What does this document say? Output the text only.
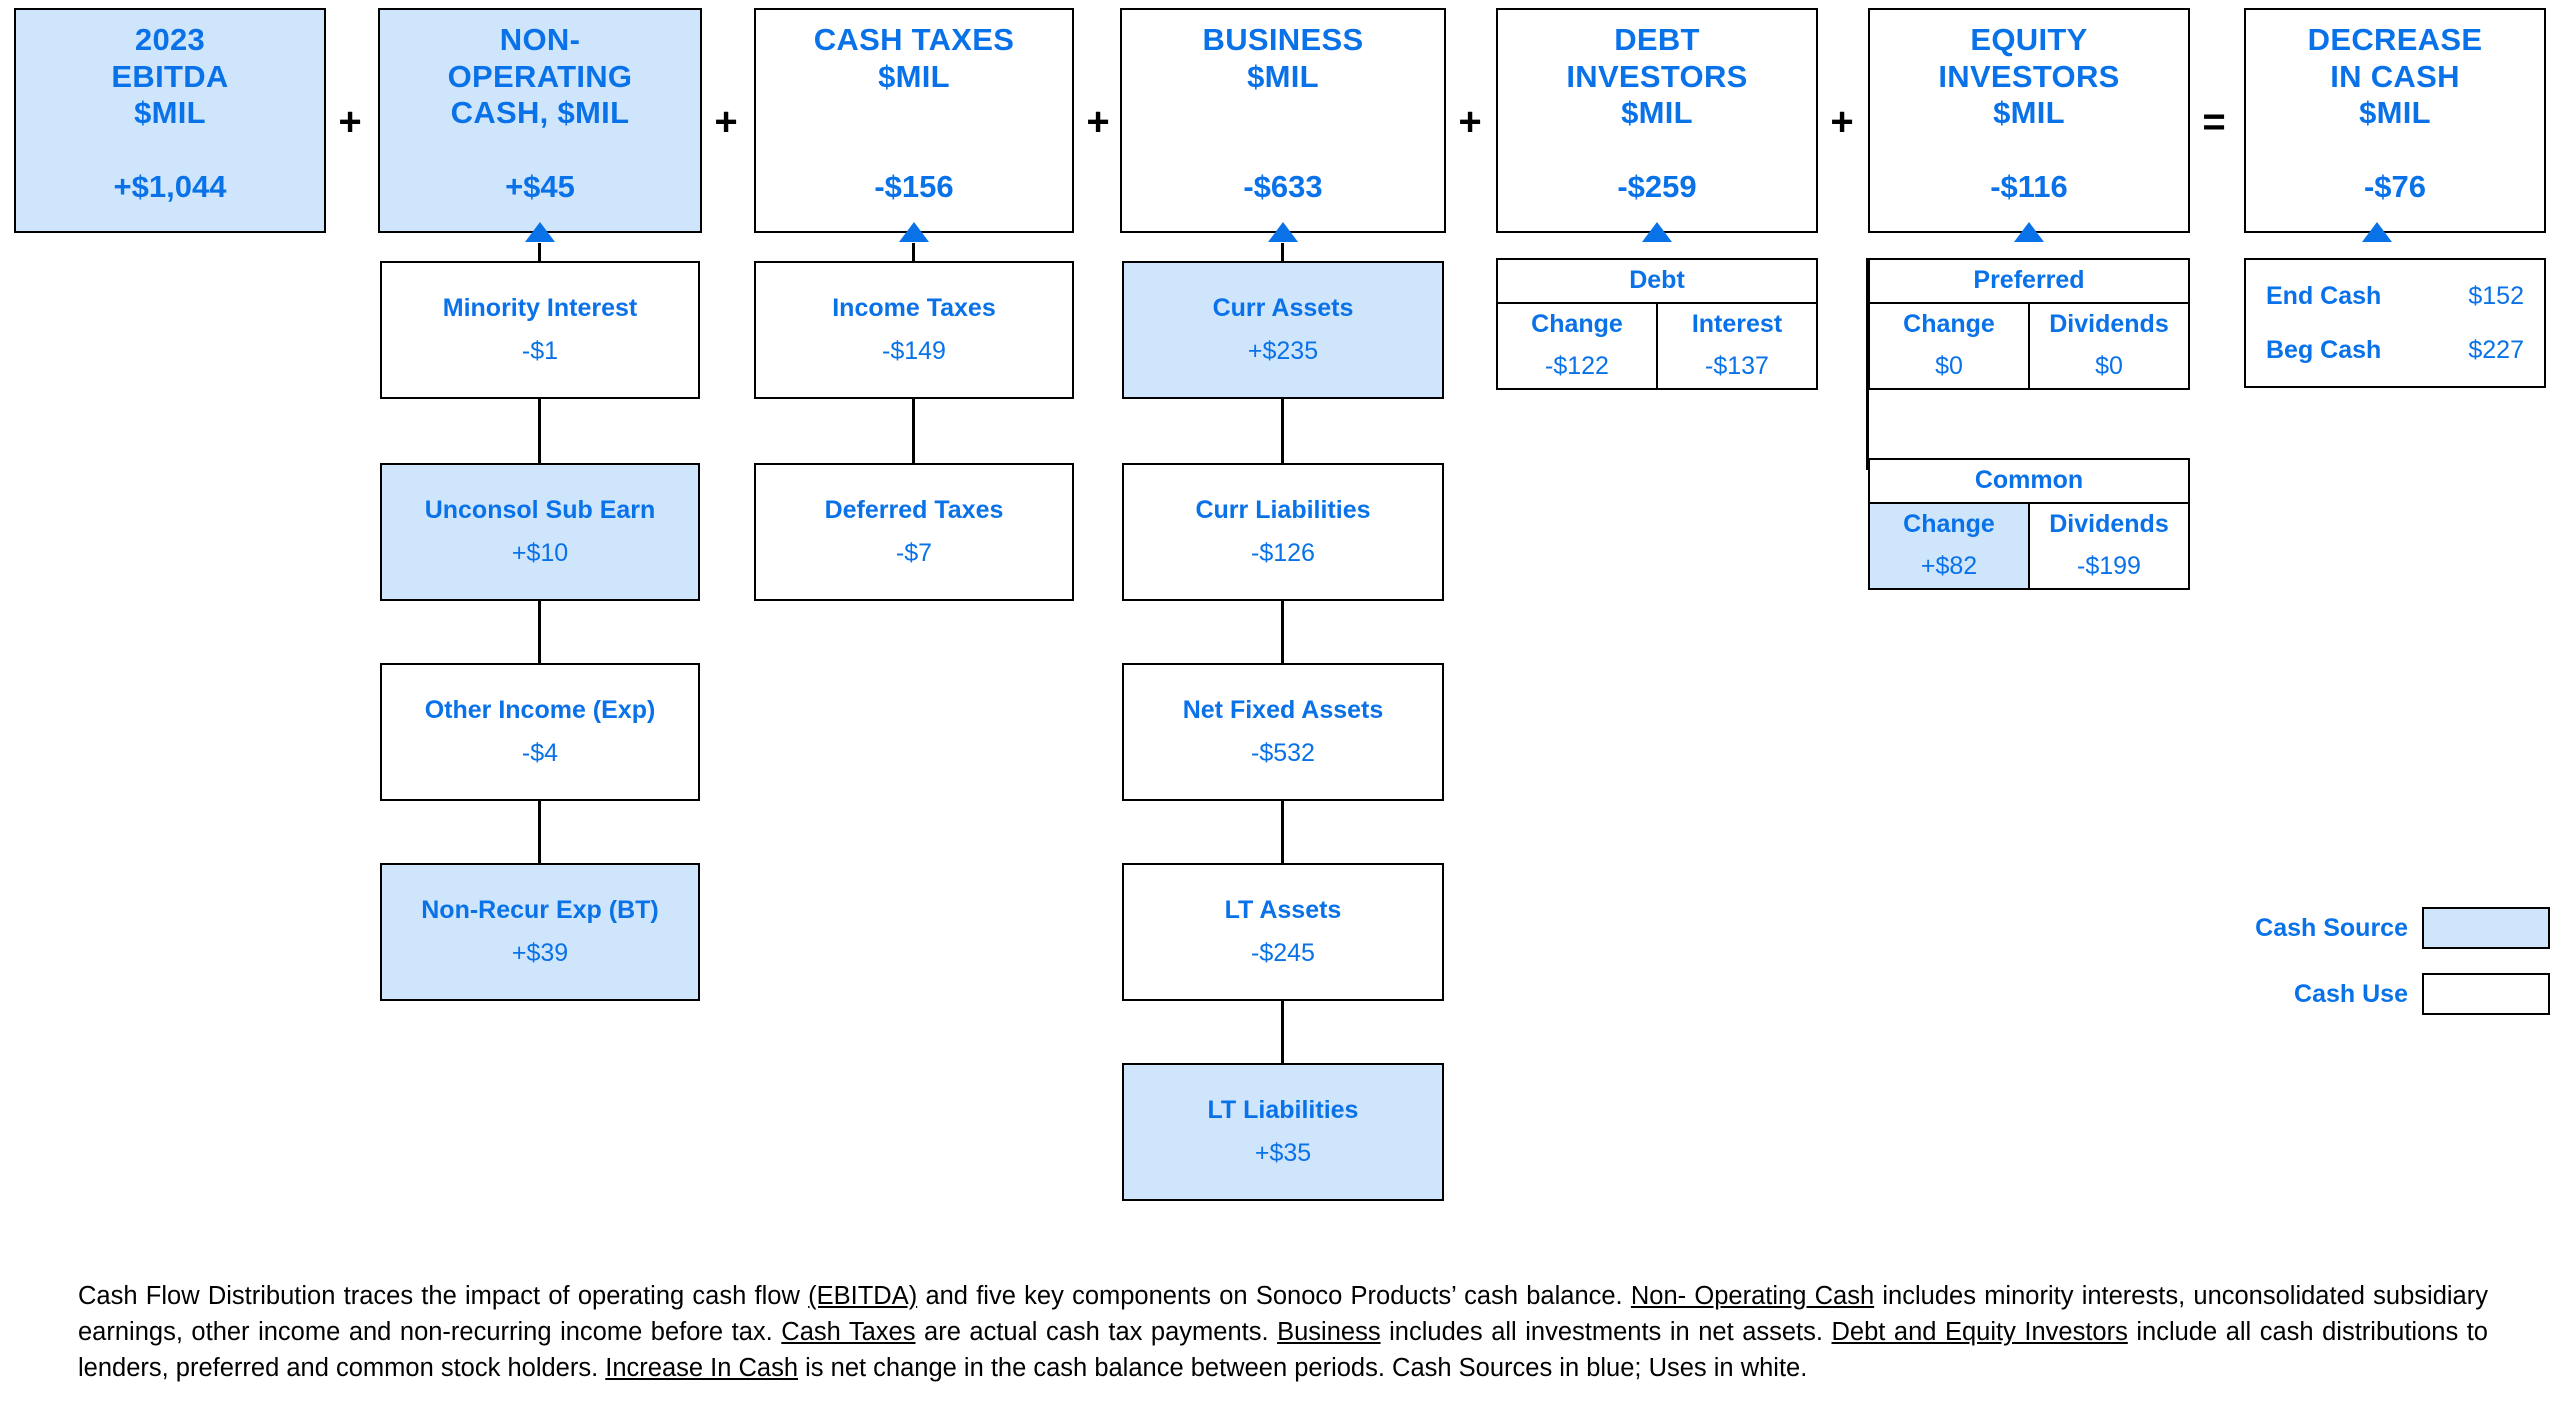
2023
EBITDA
$MIL
+$1,044
+
NON-
OPERATING
CASH, $MIL
+$45
+
CASH TAXES
$MIL
-$156
+
BUSINESS
$MIL
-$633
+
DEBT
INVESTORS
$MIL
-$259
+
EQUITY
INVESTORS
$MIL
-$116
=
DECREASE
IN CASH
$MIL
-$76
Minority Interest
-$1
Unconsol Sub Earn
+$10
Other Income (Exp)
-$4
Non-Recur Exp (BT)
+$39
Income Taxes
-$149
Deferred Taxes
-$7
Curr Assets
+$235
Curr Liabilities
-$126
Net Fixed Assets
-$532
LT Assets
-$245
LT Liabilities
+$35
Debt
Change	Interest
-$122	-$137
Preferred
Change	Dividends
$0	$0
Common
Change	Dividends
+$82	-$199
End Cash	$152
Beg Cash	$227
Cash Source
Cash Use
Cash Flow Distribution traces the impact of operating cash flow (EBITDA) and five key components on Sonoco Products’ cash balance. Non- Operating Cash includes minority interests, unconsolidated subsidiary earnings, other income and non-recurring income before tax. Cash Taxes are actual cash tax payments. Business includes all investments in net assets. Debt and Equity Investors include all cash distributions to lenders, preferred and common stock holders. Increase In Cash is net change in the cash balance between periods. Cash Sources in blue; Uses in white.
